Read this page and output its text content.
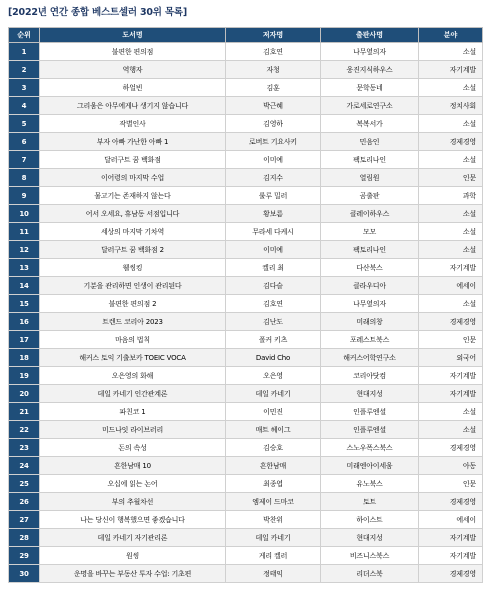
[2022년 연간 종합 베스트셀러 30위 목록]
순위	도서명	저자명	출판사명	분야
1	불편한 편의점	김호연	나무옆의자	소설
2	역행자	자청	웅진지식하우스	자기계발
3	하얼빈	김훈	문학동네	소설
4	그리움은 아무에게나 생기지 않습니다	박근혜	가로세로연구소	정치사회
5	작별인사	김영하	복복서가	소설
6	부자 아빠 가난한 아빠 1	로버트 기요사키	민음인	경제경영
7	달러구트 꿈 백화점	이미예	팩토리나인	소설
8	이어령의 마지막 수업	김지수	열림원	인문
9	물고기는 존재하지 않는다	룰루 밀러	곰출판	과학
10	어서 오세요, 휴남동 서점입니다	황보름	클레이하우스	소설
11	세상의 마지막 기차역	무라세 다케시	모모	소설
12	달러구트 꿈 백화점 2	이미예	팩토리나인	소설
13	웰씽킹	켈리 최	다산북스	자기계발
14	기분을 관리하면 인생이 관리된다	김다슬	클라우디아	에세이
15	불편한 편의점 2	김호연	나무옆의자	소설
16	트렌드 코리아 2023	김난도	미래의창	경제경영
17	마음의 법칙	폴커 키츠	포레스트북스	인문
18	해커스 토익 기출보카 TOEIC VOCA	David Cho	해커스어학연구소	외국어
19	오은영의 화해	오은영	코리아닷컴	자기계발
20	데일 카네기 인간관계론	데일 카네기	현대지성	자기계발
21	파친코 1	이민진	인플루엔셜	소설
22	미드나잇 라이브러리	매트 헤이그	인플루엔셜	소설
23	돈의 속성	김승호	스노우폭스북스	경제경영
24	흔한남매 10	흔한남매	미래엔아이세움	아동
25	오십에 읽는 논어	최종엽	유노북스	인문
26	부의 추월차선	엠제이 드마코	토트	경제경영
27	나는 당신이 행복했으면 좋겠습니다	박찬위	하이스트	에세이
28	데일 카네기 자기관리론	데일 카네기	현대지성	자기계발
29	원씽	게리 켈러	비즈니스북스	자기계발
30	운명을 바꾸는 부동산 투자 수업: 기초편	정태익	리더스북	경제경영
